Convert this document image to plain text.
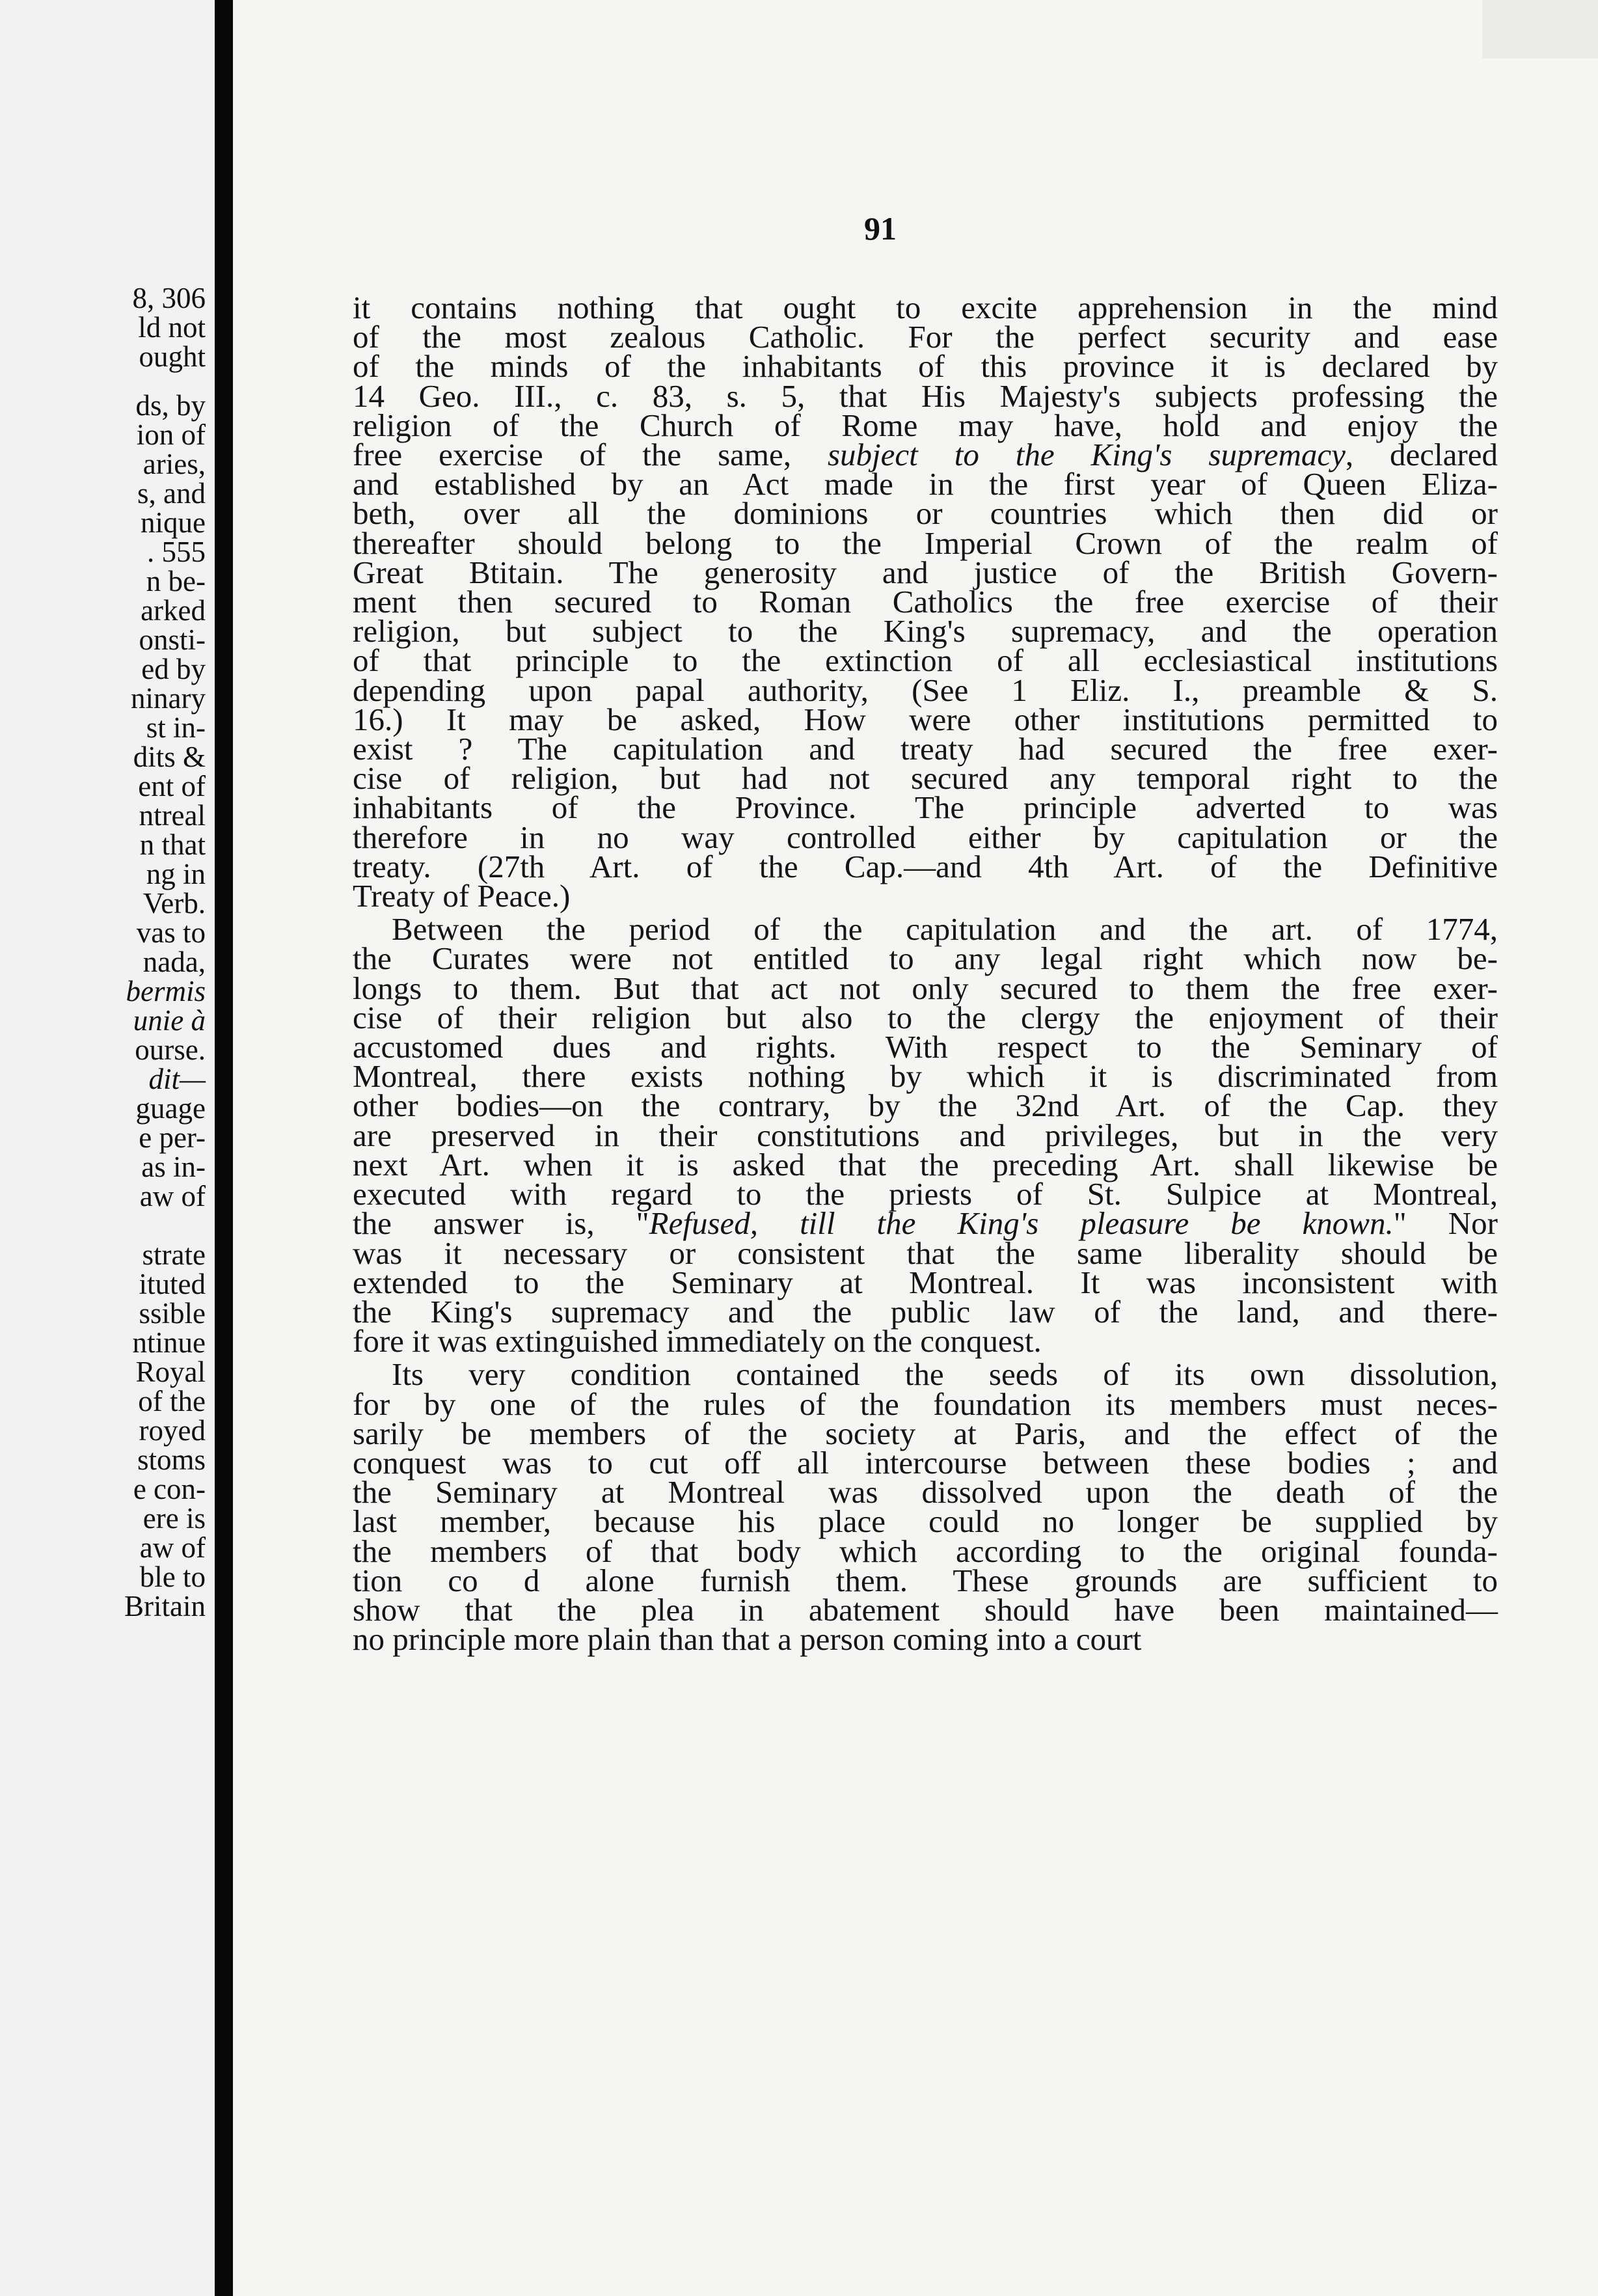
8, 306
ld not
ought
ds, by
ion of
aries,
s, and
nique
. 555
n be-
arked
onsti-
ed by
ninary
st in-
dits &
ent of
ntreal
n that
ng in
Verb.
vas to
nada,
bermis
unie à
ourse.
dit—
guage
e per-
as in-
aw of
strate
ituted
ssible
ntinue
Royal
of the
royed
stoms
e con-
ere is
aw of
ble to
Britain
91
it contains nothing that ought to excite apprehension in the mind
of the most zealous Catholic. For the perfect security and ease
of the minds of the inhabitants of this province it is declared by
14 Geo. III., c. 83, s. 5, that His Majesty's subjects professing the
religion of the Church of Rome may have, hold and enjoy the
free exercise of the same, subject to the King's supremacy, declared
and established by an Act made in the first year of Queen Eliza-
beth, over all the dominions or countries which then did or
thereafter should belong to the Imperial Crown of the realm of
Great Btitain. The generosity and justice of the British Govern-
ment then secured to Roman Catholics the free exercise of their
religion, but subject to the King's supremacy, and the operation
of that principle to the extinction of all ecclesiastical institutions
depending upon papal authority, (See 1 Eliz. I., preamble & S.
16.) It may be asked, How were other institutions permitted to
exist ? The capitulation and treaty had secured the free exer-
cise of religion, but had not secured any temporal right to the
inhabitants of the Province. The principle adverted to was
therefore in no way controlled either by capitulation or the
treaty. (27th Art. of the Cap.—and 4th Art. of the Definitive
Treaty of Peace.)
Between the period of the capitulation and the art. of 1774,
the Curates were not entitled to any legal right which now be-
longs to them. But that act not only secured to them the free exer-
cise of their religion but also to the clergy the enjoyment of their
accustomed dues and rights. With respect to the Seminary of
Montreal, there exists nothing by which it is discriminated from
other bodies—on the contrary, by the 32nd Art. of the Cap. they
are preserved in their constitutions and privileges, but in the very
next Art. when it is asked that the preceding Art. shall likewise be
executed with regard to the priests of St. Sulpice at Montreal,
the answer is, "Refused, till the King's pleasure be known." Nor
was it necessary or consistent that the same liberality should be
extended to the Seminary at Montreal. It was inconsistent with
the King's supremacy and the public law of the land, and there-
fore it was extinguished immediately on the conquest.
Its very condition contained the seeds of its own dissolution,
for by one of the rules of the foundation its members must neces-
sarily be members of the society at Paris, and the effect of the
conquest was to cut off all intercourse between these bodies ; and
the Seminary at Montreal was dissolved upon the death of the
last member, because his place could no longer be supplied by
the members of that body which according to the original founda-
tion co d alone furnish them. These grounds are sufficient to
show that the plea in abatement should have been maintained—
no principle more plain than that a person coming into a court
